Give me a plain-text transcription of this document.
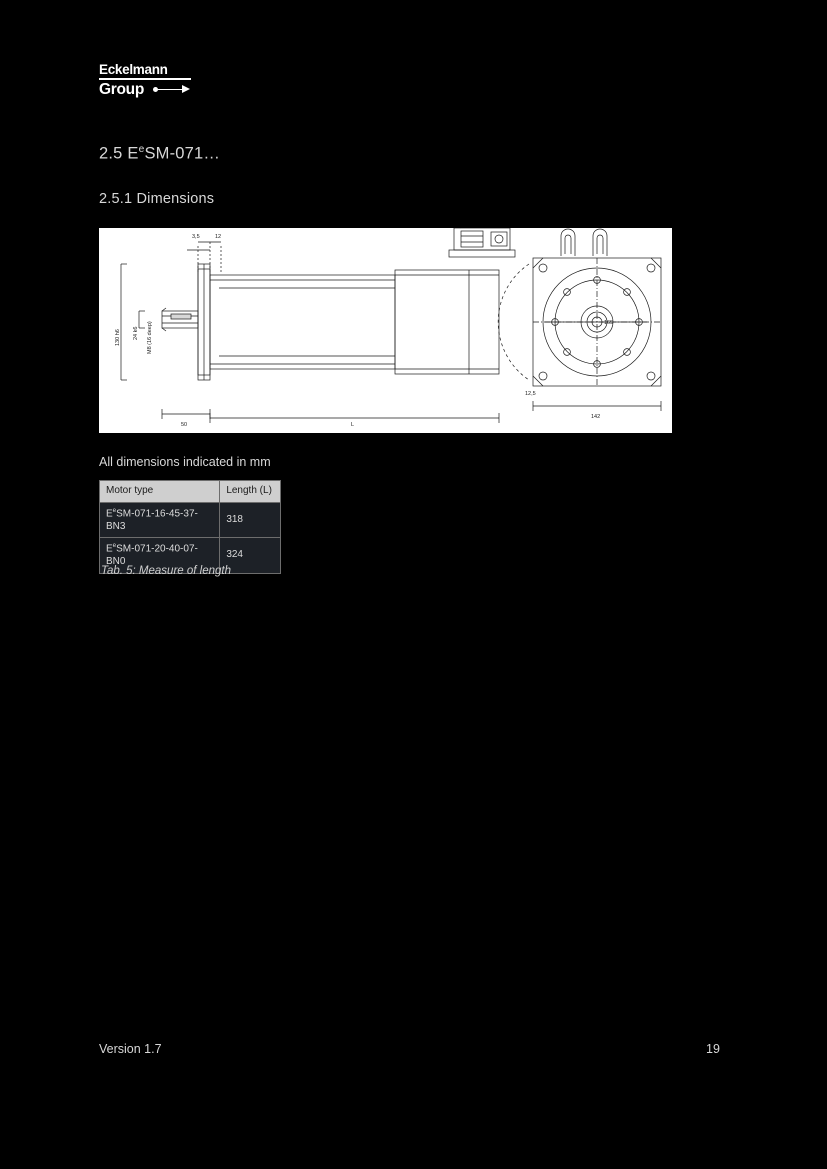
Eckelmann
Group
2.5 $E^eSM-071\dots$
2.5.1 Dimensions
3,5	12
130 h6 24 k6 M8 (16 deep)
50	L
165
12,5
142
All dimensions indicated in mm
Motor type	Length (L)
$E^eSM-071-16-45-37-BN3$	318
$E^eSM-071-20-40-07-BN0$	324
Tab. 5: Measure of length
Version 1.7	19
